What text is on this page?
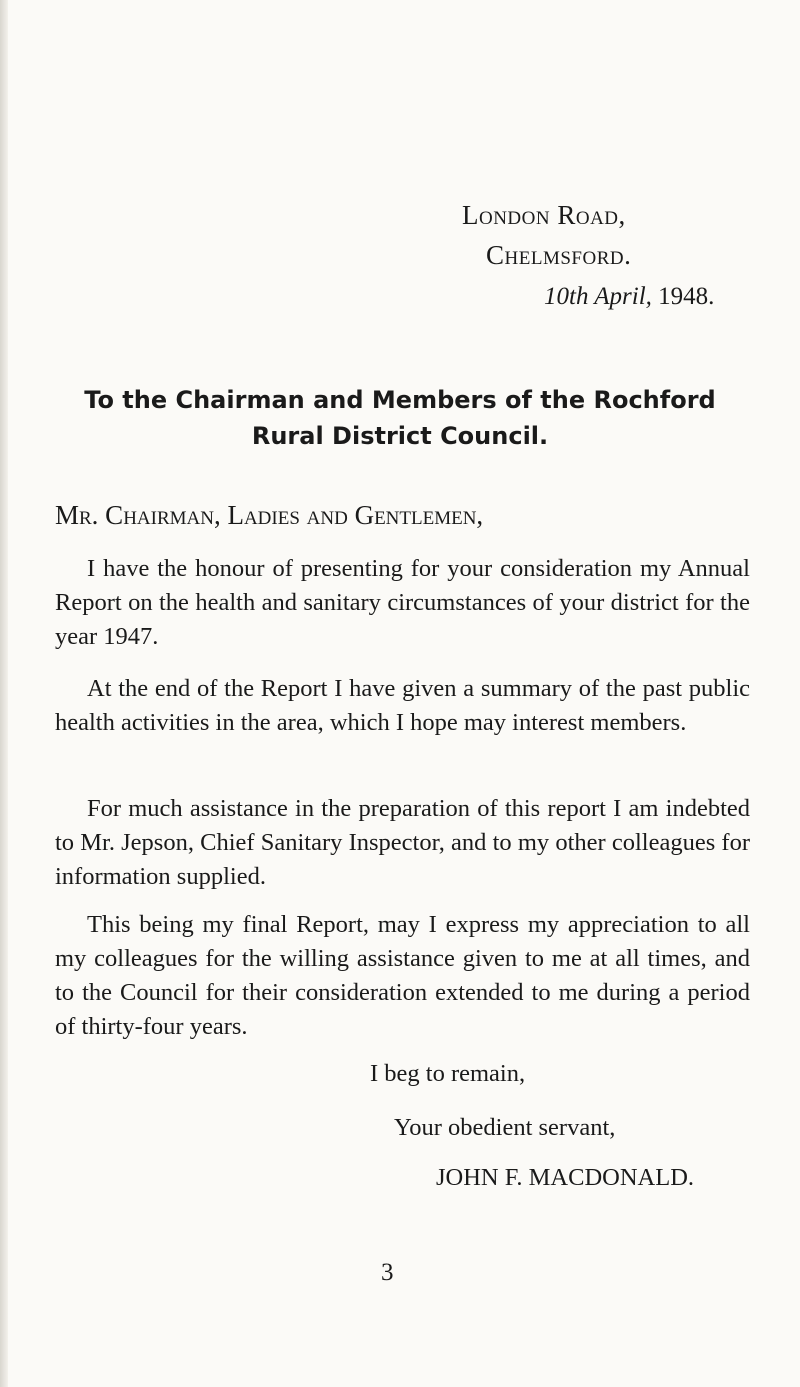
London Road,
Chelmsford.
10th April, 1948.
To the Chairman and Members of the Rochford
Rural District Council.
Mr. Chairman, Ladies and Gentlemen,

I have the honour of presenting for your consideration my Annual Report on the health and sanitary circumstances of your district for the year 1947.

At the end of the Report I have given a summary of the past public health activities in the area, which I hope may interest members.

For much assistance in the preparation of this report I am indebted to Mr. Jepson, Chief Sanitary Inspector, and to my other colleagues for information supplied.

This being my final Report, may I express my appreciation to all my colleagues for the willing assistance given to me at all times, and to the Council for their consideration extended to me during a period of thirty-four years.

I beg to remain,
Your obedient servant,
JOHN F. MACDONALD.
3
